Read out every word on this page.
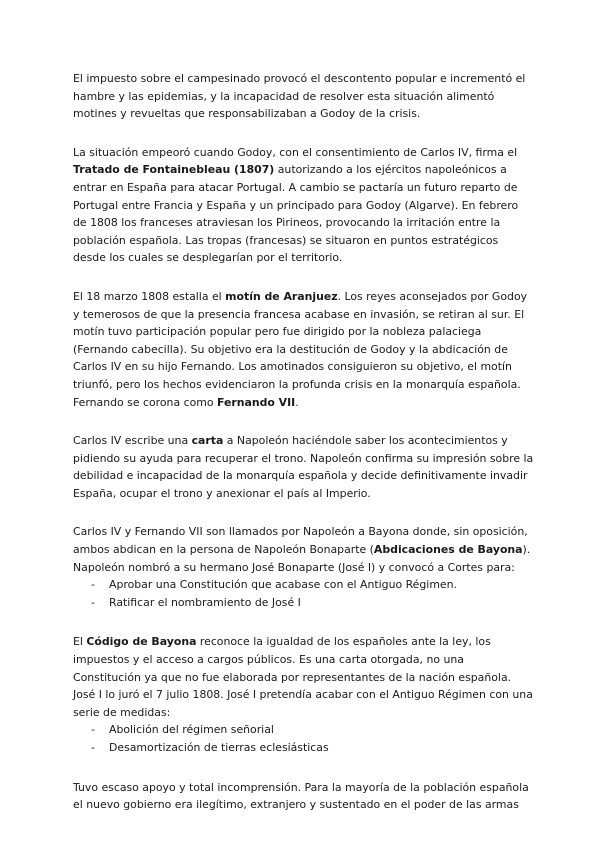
El impuesto sobre el campesinado provocó el descontento popular e incrementó el hambre y las epidemias, y la incapacidad de resolver esta situación alimentó motines y revueltas que responsabilizaban a Godoy de la crisis.

La situación empeoró cuando Godoy, con el consentimiento de Carlos IV, firma el Tratado de Fontainebleau (1807) autorizando a los ejércitos napoleónicos a entrar en España para atacar Portugal. A cambio se pactaría un futuro reparto de Portugal entre Francia y España y un principado para Godoy (Algarve). En febrero de 1808 los franceses atraviesan los Pirineos, provocando la irritación entre la población española. Las tropas (francesas) se situaron en puntos estratégicos desde los cuales se desplegarían por el territorio.

El 18 marzo 1808 estalla el motín de Aranjuez. Los reyes aconsejados por Godoy y temerosos de que la presencia francesa acabase en invasión, se retiran al sur. El motín tuvo participación popular pero fue dirigido por la nobleza palaciega (Fernando cabecilla). Su objetivo era la destitución de Godoy y la abdicación de Carlos IV en su hijo Fernando. Los amotinados consiguieron su objetivo, el motín triunfó, pero los hechos evidenciaron la profunda crisis en la monarquía española. Fernando se corona como Fernando VII.

Carlos IV escribe una carta a Napoleón haciéndole saber los acontecimientos y pidiendo su ayuda para recuperar el trono. Napoleón confirma su impresión sobre la debilidad e incapacidad de la monarquía española y decide definitivamente invadir España, ocupar el trono y anexionar el país al Imperio.

Carlos IV y Fernando VII son llamados por Napoleón a Bayona donde, sin oposición, ambos abdican en la persona de Napoleón Bonaparte (Abdicaciones de Bayona). Napoleón nombró a su hermano José Bonaparte (José I) y convocó a Cortes para:

- Aprobar una Constitución que acabase con el Antiguo Régimen.
- Ratificar el nombramiento de José I

El Código de Bayona reconoce la igualdad de los españoles ante la ley, los impuestos y el acceso a cargos públicos. Es una carta otorgada, no una Constitución ya que no fue elaborada por representantes de la nación española. José I lo juró el 7 julio 1808. José I pretendía acabar con el Antiguo Régimen con una serie de medidas:

- Abolición del régimen señorial
- Desamortización de tierras eclesiásticas

Tuvo escaso apoyo y total incomprensión. Para la mayoría de la población española el nuevo gobierno era ilegítimo, extranjero y sustentado en el poder de las armas
